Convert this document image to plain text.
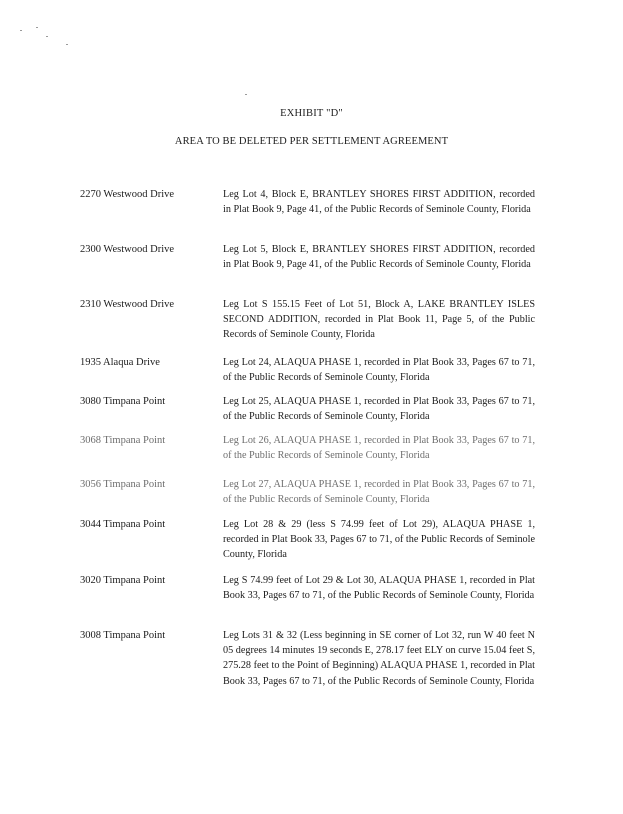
EXHIBIT "D"
AREA TO BE DELETED PER SETTLEMENT AGREEMENT
2270 Westwood Drive	Leg Lot 4, Block E, BRANTLEY SHORES FIRST ADDITION, recorded in Plat Book 9, Page 41, of the Public Records of Seminole County, Florida
2300 Westwood Drive	Leg Lot 5, Block E, BRANTLEY SHORES FIRST ADDITION, recorded in Plat Book 9, Page 41, of the Public Records of Seminole County, Florida
2310 Westwood Drive	Leg Lot S 155.15 Feet of Lot 51, Block A, LAKE BRANTLEY ISLES SECOND ADDITION, recorded in Plat Book 11, Page 5, of the Public Records of Seminole County, Florida
1935 Alaqua Drive	Leg Lot 24, ALAQUA PHASE 1, recorded in Plat Book 33, Pages 67 to 71, of the Public Records of Seminole County, Florida
3080 Timpana Point	Leg Lot 25, ALAQUA PHASE 1, recorded in Plat Book 33, Pages 67 to 71, of the Public Records of Seminole County, Florida
3068 Timpana Point	Leg Lot 26, ALAQUA PHASE 1, recorded in Plat Book 33, Pages 67 to 71, of the Public Records of Seminole County, Florida
3056 Timpana Point	Leg Lot 27, ALAQUA PHASE 1, recorded in Plat Book 33, Pages 67 to 71, of the Public Records of Seminole County, Florida
3044 Timpana Point	Leg Lot 28 & 29 (less S 74.99 feet of Lot 29), ALAQUA PHASE 1, recorded in Plat Book 33, Pages 67 to 71, of the Public Records of Seminole County, Florida
3020 Timpana Point	Leg S 74.99 feet of Lot 29 & Lot 30, ALAQUA PHASE 1, recorded in Plat Book 33, Pages 67 to 71, of the Public Records of Seminole County, Florida
3008 Timpana Point	Leg Lots 31 & 32 (Less beginning in SE corner of Lot 32, run W 40 feet N 05 degrees 14 minutes 19 seconds E, 278.17 feet ELY on curve 15.04 feet S, 275.28 feet to the Point of Beginning) ALAQUA PHASE 1, recorded in Plat Book 33, Pages 67 to 71, of the Public Records of Seminole County, Florida
